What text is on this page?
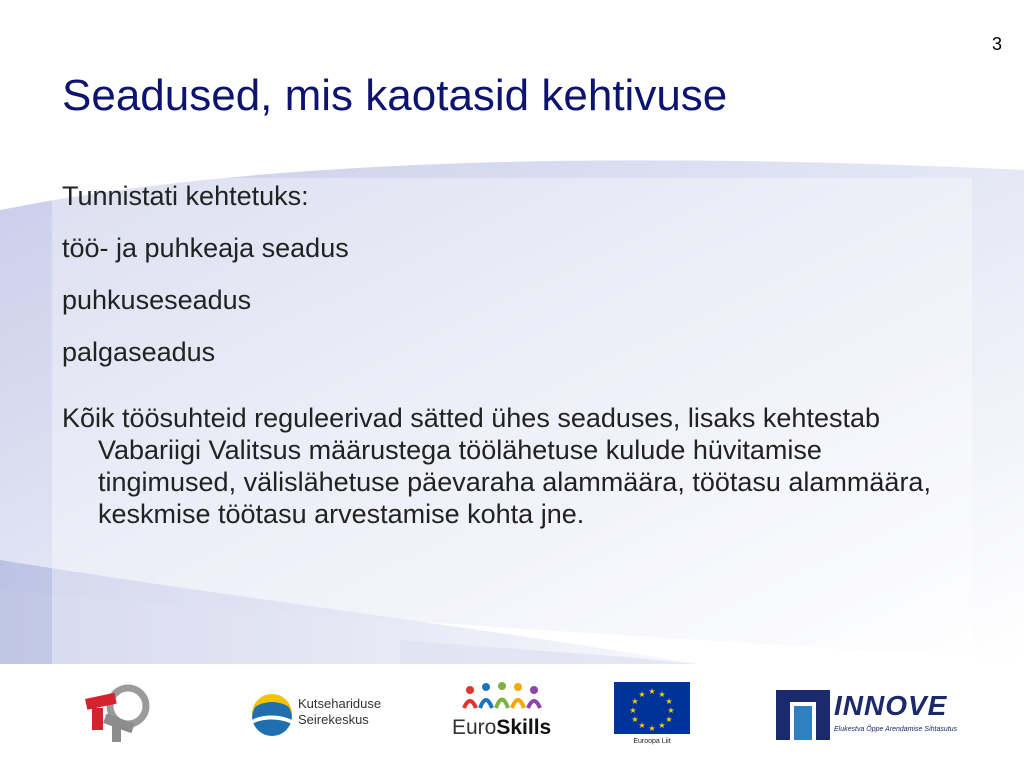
3
Seadused, mis kaotasid kehtivuse

Tunnistati kehtetuks:

töö- ja puhkeaja seadus

puhkuseseadus

palgaseadus

Kõik töösuhteid reguleerivad sätted ühes seaduses, lisaks kehtestab Vabariigi Valitsus määrustega töölähetuse kulude hüvitamise tingimused, välislähetuse päevaraha alammäära, töötasu alammäära, keskmise töötasu arvestamise kohta jne.

Kutsehariduse
Seirekeskus	EuroSkills
★ ★
★
★
★
★
★
★
★
★
★
★
Euroopa Liit
INNOVE
Elukestva Õppe Arendamise Sihtasutus
